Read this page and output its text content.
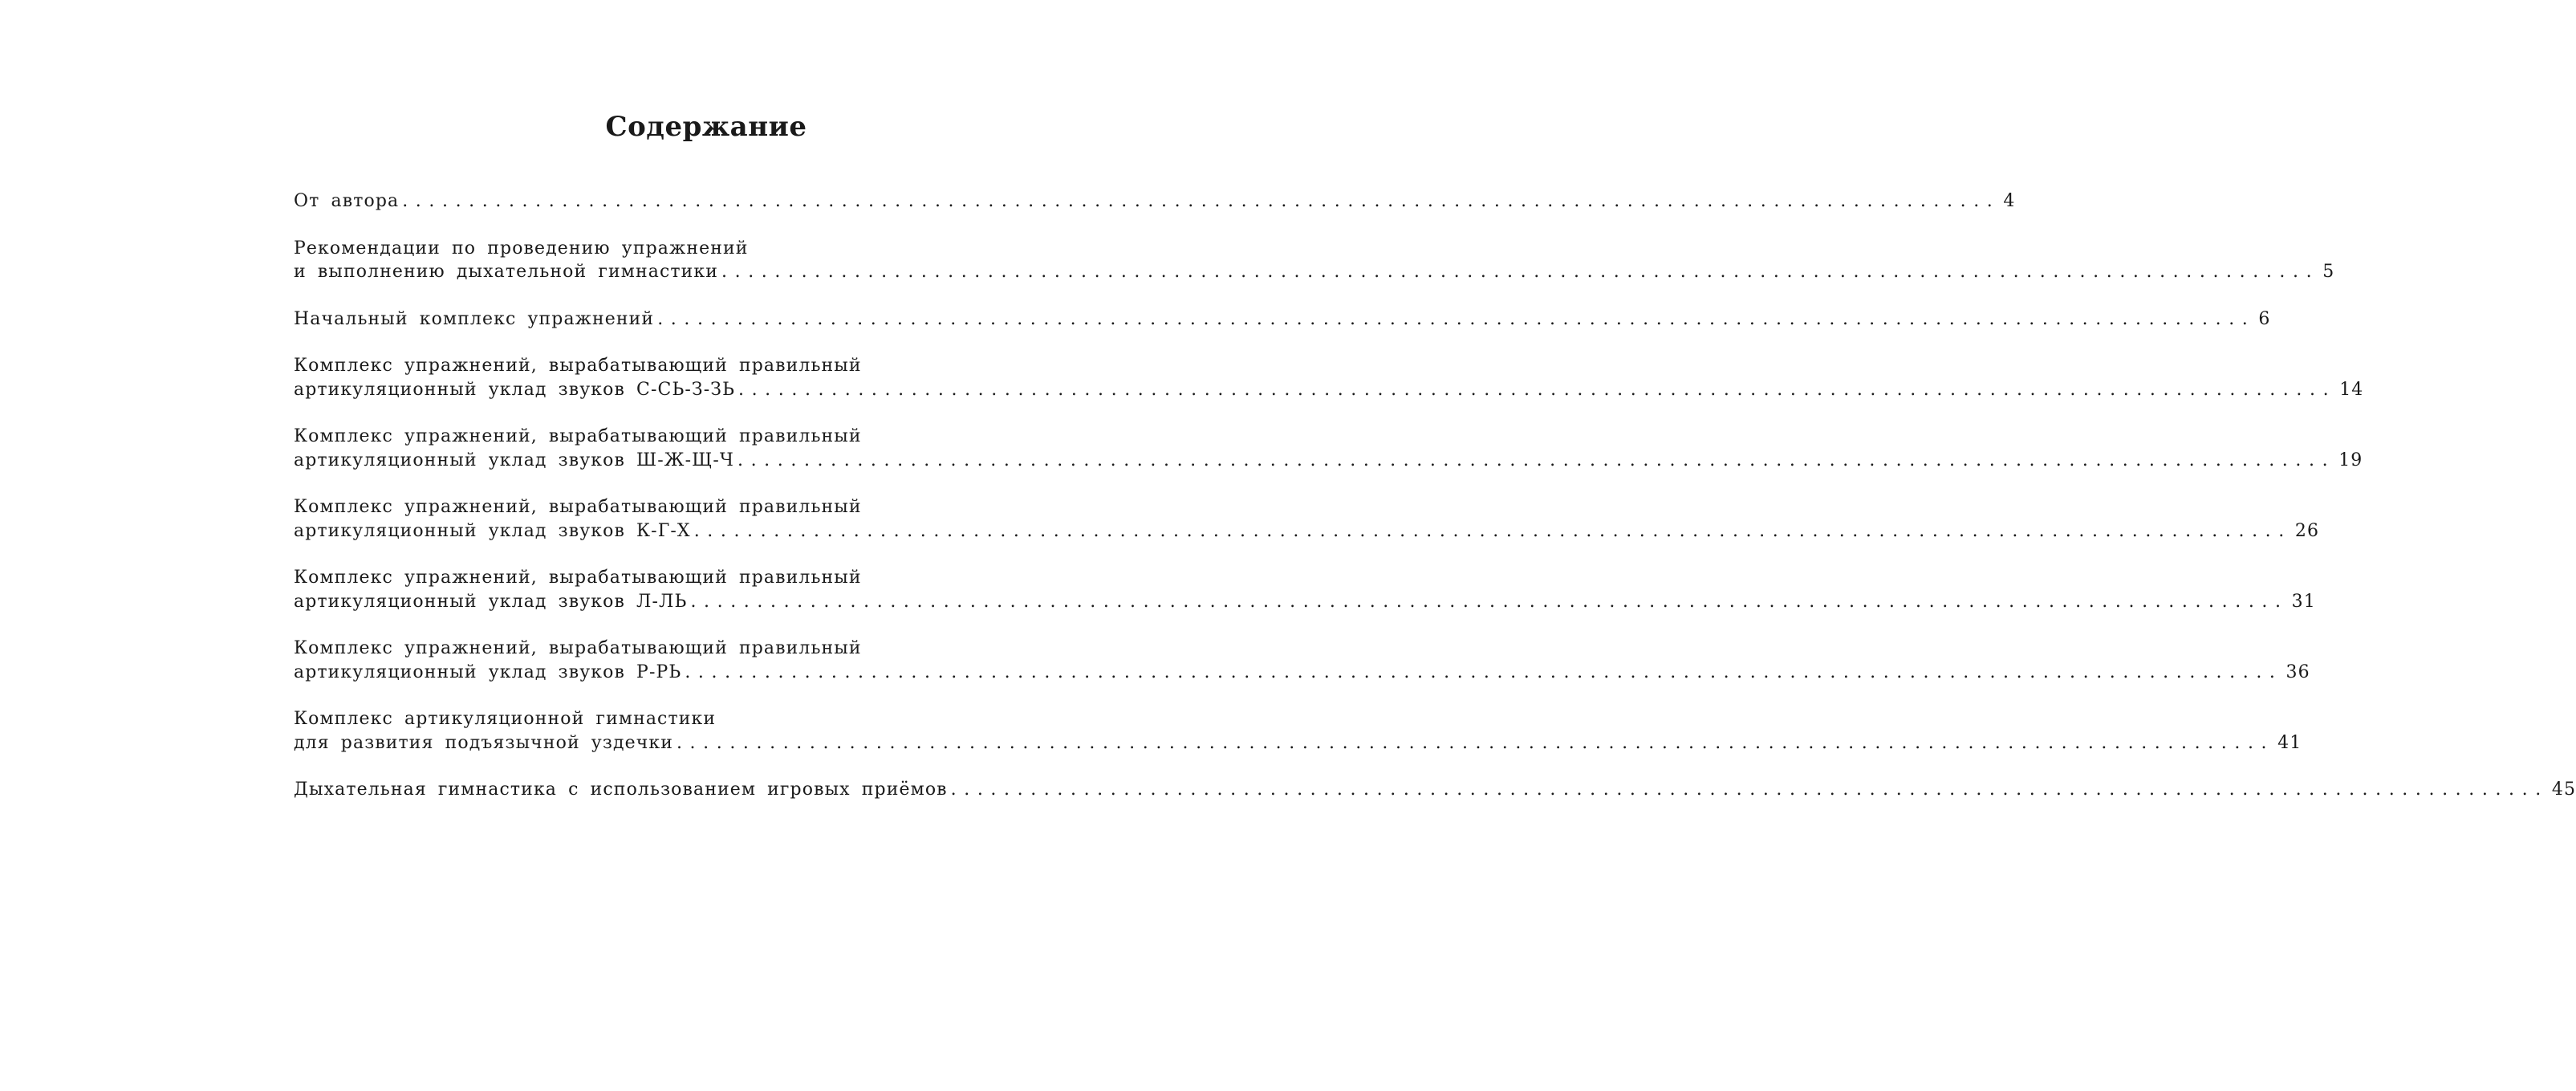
Содержание
От автора ........................................................................................................................ 4
Рекомендации по проведению упражнений
и выполнению дыхательной гимнастики ........................................................................................................................ 5
Начальный комплекс упражнений ........................................................................................................................ 6
Комплекс упражнений, вырабатывающий правильный
артикуляционный уклад звуков С-СЬ-З-ЗЬ ........................................................................................................................ 14
Комплекс упражнений, вырабатывающий правильный
артикуляционный уклад звуков Ш-Ж-Щ-Ч ........................................................................................................................ 19
Комплекс упражнений, вырабатывающий правильный
артикуляционный уклад звуков К-Г-Х ........................................................................................................................ 26
Комплекс упражнений, вырабатывающий правильный
артикуляционный уклад звуков Л-ЛЬ ........................................................................................................................ 31
Комплекс упражнений, вырабатывающий правильный
артикуляционный уклад звуков Р-РЬ ........................................................................................................................ 36
Комплекс артикуляционной гимнастики
для развития подъязычной уздечки ........................................................................................................................ 41
Дыхательная гимнастика с использованием игровых приёмов ........................................................................................................................ 45
